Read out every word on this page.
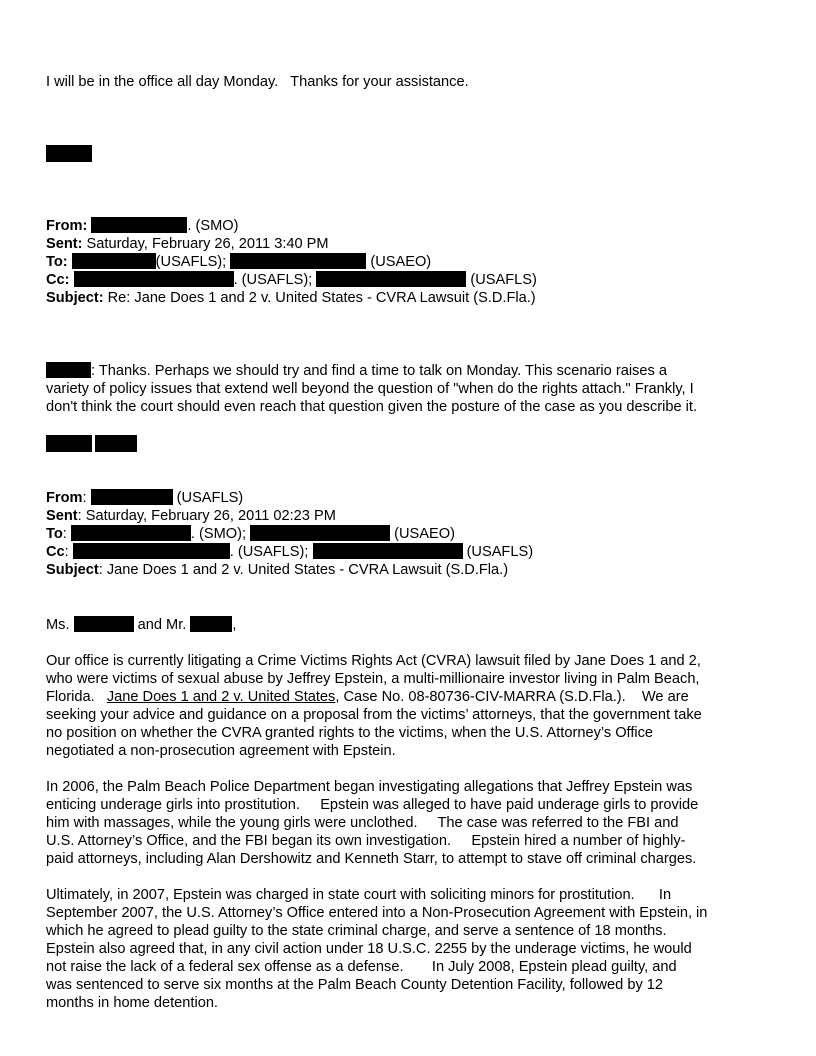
I will be in the office all day Monday.   Thanks for your assistance.

From:	. (SMO)
Sent: Saturday, February 26, 2011 3:40 PM
To:	(USAFLS);	(USAEO)
Cc:	. (USAFLS);	(USAFLS)
Subject: Re: Jane Does 1 and 2 v. United States - CVRA Lawsuit (S.D.Fla.)
: Thanks. Perhaps we should try and find a time to talk on Monday. This scenario raises a
variety of policy issues that extend well beyond the question of "when do the rights attach." Frankly, I
don't think the court should even reach that question given the posture of the case as you describe it.
From:	(USAFLS)
Sent: Saturday, February 26, 2011 02:23 PM
To:	. (SMO);	(USAEO)
Cc:	. (USAFLS);	(USAFLS)
Subject: Jane Does 1 and 2 v. United States - CVRA Lawsuit (S.D.Fla.)
Ms.	and Mr.	,
Our office is currently litigating a Crime Victims Rights Act (CVRA) lawsuit filed by Jane Does 1 and 2,
who were victims of sexual abuse by Jeffrey Epstein, a multi-millionaire investor living in Palm Beach,
Florida.   Jane Does 1 and 2 v. United States, Case No. 08-80736-CIV-MARRA (S.D.Fla.).    We are
seeking your advice and guidance on a proposal from the victims’ attorneys, that the government take
no position on whether the CVRA granted rights to the victims, when the U.S. Attorney’s Office
negotiated a non-prosecution agreement with Epstein.
In 2006, the Palm Beach Police Department began investigating allegations that Jeffrey Epstein was
enticing underage girls into prostitution.     Epstein was alleged to have paid underage girls to provide
him with massages, while the young girls were unclothed.     The case was referred to the FBI and
U.S. Attorney’s Office, and the FBI began its own investigation.     Epstein hired a number of highly-
paid attorneys, including Alan Dershowitz and Kenneth Starr, to attempt to stave off criminal charges.
Ultimately, in 2007, Epstein was charged in state court with soliciting minors for prostitution.      In
September 2007, the U.S. Attorney’s Office entered into a Non-Prosecution Agreement with Epstein, in
which he agreed to plead guilty to the state criminal charge, and serve a sentence of 18 months.
Epstein also agreed that, in any civil action under 18 U.S.C. 2255 by the underage victims, he would
not raise the lack of a federal sex offense as a defense.       In July 2008, Epstein plead guilty, and
was sentenced to serve six months at the Palm Beach County Detention Facility, followed by 12
months in home detention.
